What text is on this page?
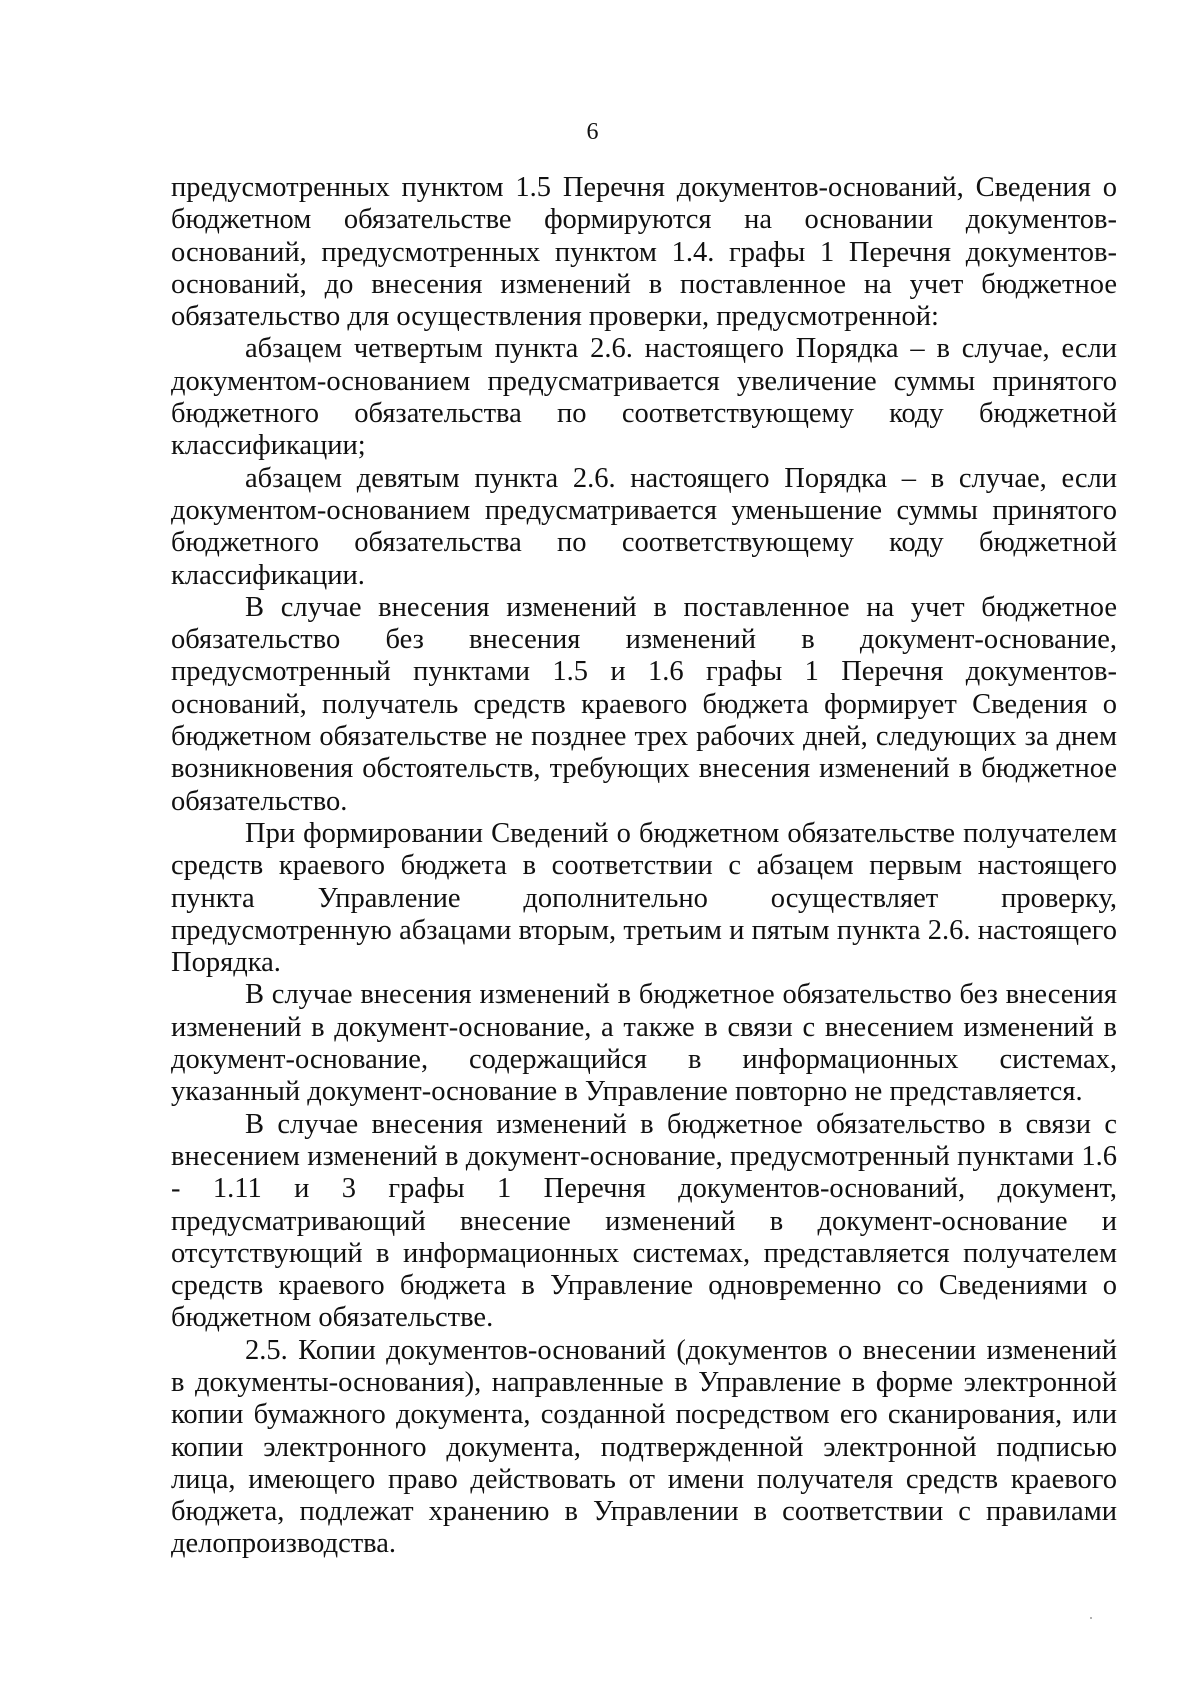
6

предусмотренных пунктом 1.5 Перечня документов-оснований, Сведения о бюджетном обязательстве формируются на основании документов-оснований, предусмотренных пунктом 1.4. графы 1 Перечня документов-оснований, до внесения изменений в поставленное на учет бюджетное обязательство для осуществления проверки, предусмотренной:

абзацем четвертым пункта 2.6. настоящего Порядка – в случае, если документом-основанием предусматривается увеличение суммы принятого бюджетного обязательства по соответствующему коду бюджетной классификации;

абзацем девятым пункта 2.6. настоящего Порядка – в случае, если документом-основанием предусматривается уменьшение суммы принятого бюджетного обязательства по соответствующему коду бюджетной классификации.

В случае внесения изменений в поставленное на учет бюджетное обязательство без внесения изменений в документ-основание, предусмотренный пунктами 1.5 и 1.6 графы 1 Перечня документов-оснований, получатель средств краевого бюджета формирует Сведения о бюджетном обязательстве не позднее трех рабочих дней, следующих за днем возникновения обстоятельств, требующих внесения изменений в бюджетное обязательство.

При формировании Сведений о бюджетном обязательстве получателем средств краевого бюджета в соответствии с абзацем первым настоящего пункта Управление дополнительно осуществляет проверку, предусмотренную абзацами вторым, третьим и пятым пункта 2.6. настоящего Порядка.

В случае внесения изменений в бюджетное обязательство без внесения изменений в документ-основание, а также в связи с внесением изменений в документ-основание, содержащийся в информационных системах, указанный документ-основание в Управление повторно не представляется.

В случае внесения изменений в бюджетное обязательство в связи с внесением изменений в документ-основание, предусмотренный пунктами 1.6 - 1.11 и 3 графы 1 Перечня документов-оснований, документ, предусматривающий внесение изменений в документ-основание и отсутствующий в информационных системах, представляется получателем средств краевого бюджета в Управление одновременно со Сведениями о бюджетном обязательстве.

2.5. Копии документов-оснований (документов о внесении изменений в документы-основания), направленные в Управление в форме электронной копии бумажного документа, созданной посредством его сканирования, или копии электронного документа, подтвержденной электронной подписью лица, имеющего право действовать от имени получателя средств краевого бюджета, подлежат хранению в Управлении в соответствии с правилами делопроизводства.
